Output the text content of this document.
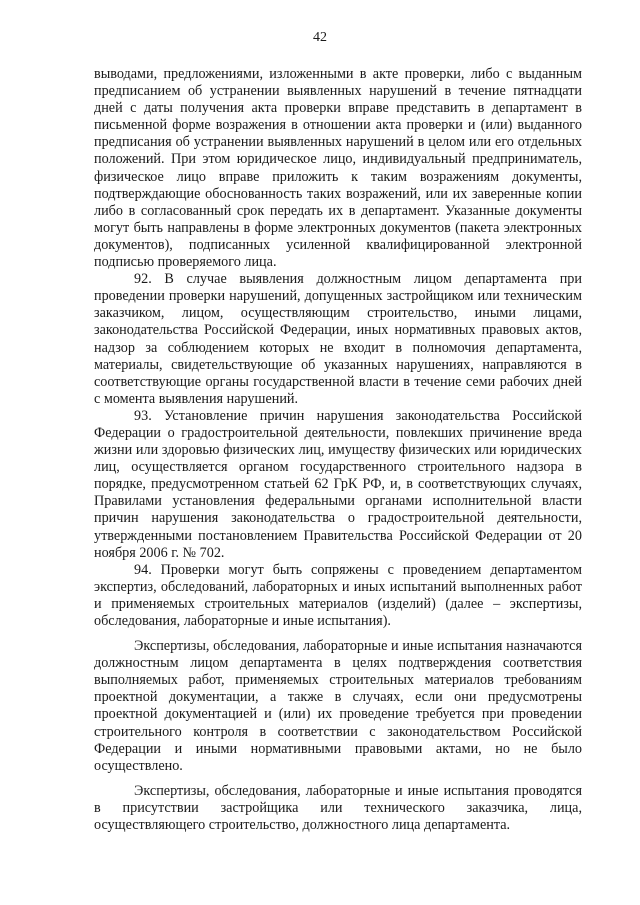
42

выводами, предложениями, изложенными в акте проверки, либо с выданным предписанием об устранении выявленных нарушений в течение пятнадцати дней с даты получения акта проверки вправе представить в департамент в письменной форме возражения в отношении акта проверки и (или) выданного предписания об устранении выявленных нарушений в целом или его отдельных положений. При этом юридическое лицо, индивидуальный предприниматель, физическое лицо вправе приложить к таким возражениям документы, подтверждающие обоснованность таких возражений, или их заверенные копии либо в согласованный срок передать их в департамент. Указанные документы могут быть направлены в форме электронных документов (пакета электронных документов), подписанных усиленной квалифицированной электронной подписью проверяемого лица.

92. В случае выявления должностным лицом департамента при проведении проверки нарушений, допущенных застройщиком или техническим заказчиком, лицом, осуществляющим строительство, иными лицами, законодательства Российской Федерации, иных нормативных правовых актов, надзор за соблюдением которых не входит в полномочия департамента, материалы, свидетельствующие об указанных нарушениях, направляются в соответствующие органы государственной власти в течение семи рабочих дней с момента выявления нарушений.

93. Установление причин нарушения законодательства Российской Федерации о градостроительной деятельности, повлекших причинение вреда жизни или здоровью физических лиц, имуществу физических или юридических лиц, осуществляется органом государственного строительного надзора в порядке, предусмотренном статьей 62 ГрК РФ, и, в соответствующих случаях, Правилами установления федеральными органами исполнительной власти причин нарушения законодательства о градостроительной деятельности, утвержденными постановлением Правительства Российской Федерации от 20 ноября 2006 г. № 702.

94. Проверки могут быть сопряжены с проведением департаментом экспертиз, обследований, лабораторных и иных испытаний выполненных работ и применяемых строительных материалов (изделий) (далее – экспертизы, обследования, лабораторные и иные испытания).

Экспертизы, обследования, лабораторные и иные испытания назначаются должностным лицом департамента в целях подтверждения соответствия выполняемых работ, применяемых строительных материалов требованиям проектной документации, а также в случаях, если они предусмотрены проектной документацией и (или) их проведение требуется при проведении строительного контроля в соответствии с законодательством Российской Федерации и иными нормативными правовыми актами, но не было осуществлено.

Экспертизы, обследования, лабораторные и иные испытания проводятся в присутствии застройщика или технического заказчика, лица, осуществляющего строительство, должностного лица департамента.
